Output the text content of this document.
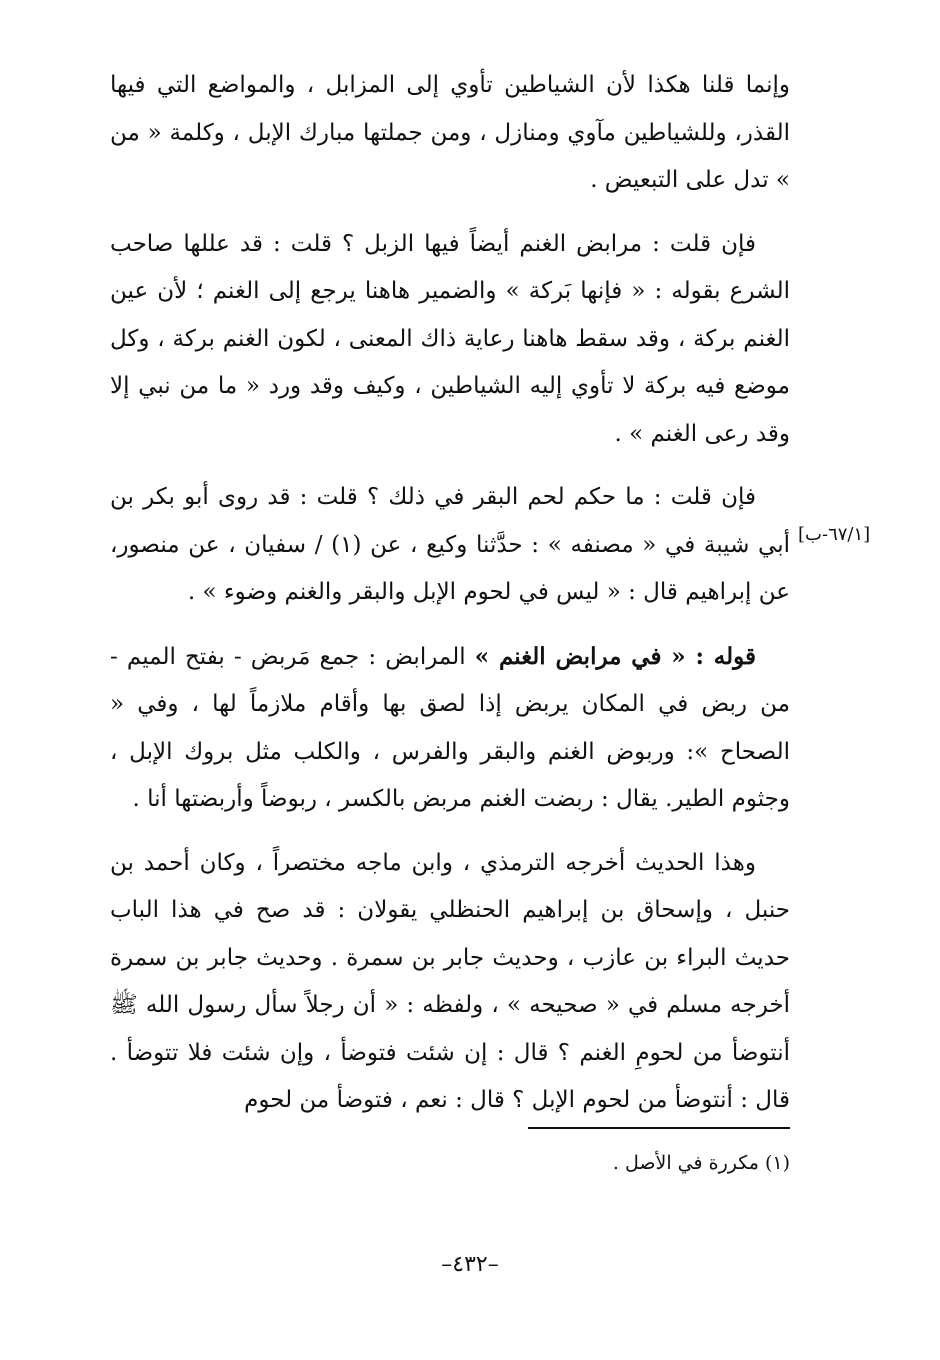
وإنما قلنا هكذا لأن الشياطين تأوي إلى المزابل ، والمواضع التي فيها القذر، وللشياطين مآوي ومنازل ، ومن جملتها مبارك الإبل ، وكلمة « من » تدل على التبعيض .

فإن قلت : مرابض الغنم أيضاً فيها الزبل ؟ قلت : قد عللها صاحب الشرع بقوله : « فإنها بَركة » والضمير هاهنا يرجع إلى الغنم ؛ لأن عين الغنم بركة ، وقد سقط هاهنا رعاية ذاك المعنى ، لكون الغنم بركة ، وكل موضع فيه بركة لا تأوي إليه الشياطين ، وكيف وقد ورد « ما من نبي إلا وقد رعى الغنم » .

فإن قلت : ما حكم لحم البقر في ذلك ؟ قلت : قد روى أبو بكر بن أبي شيبة في « مصنفه » : حدَّثنا وكيع ، عن (١) / سفيان ، عن منصور، عن إبراهيم قال : « ليس في لحوم الإبل والبقر والغنم وضوء » .

قوله : « في مرابض الغنم » المرابض : جمع مَربض - بفتح الميم - من ربض في المكان يربض إذا لصق بها وأقام ملازماً لها ، وفي « الصحاح »: وربوض الغنم والبقر والفرس ، والكلب مثل بروك الإبل ، وجثوم الطير. يقال : ربضت الغنم مربض بالكسر ، ربوضاً وأربضتها أنا .

وهذا الحديث أخرجه الترمذي ، وابن ماجه مختصراً ، وكان أحمد بن حنبل ، وإسحاق بن إبراهيم الحنظلي يقولان : قد صح في هذا الباب حديث البراء بن عازب ، وحديث جابر بن سمرة . وحديث جابر بن سمرة أخرجه مسلم في « صحيحه » ، ولفظه : « أن رجلاً سأل رسول الله ﷺ أنتوضأ من لحومِ الغنم ؟ قال : إن شئت فتوضأ ، وإن شئت فلا تتوضأ . قال : أنتوضأ من لحوم الإبل ؟ قال : نعم ، فتوضأ من لحوم

[٦٧/١-ب]
(١) مكررة في الأصل .
–٤٣٢–
